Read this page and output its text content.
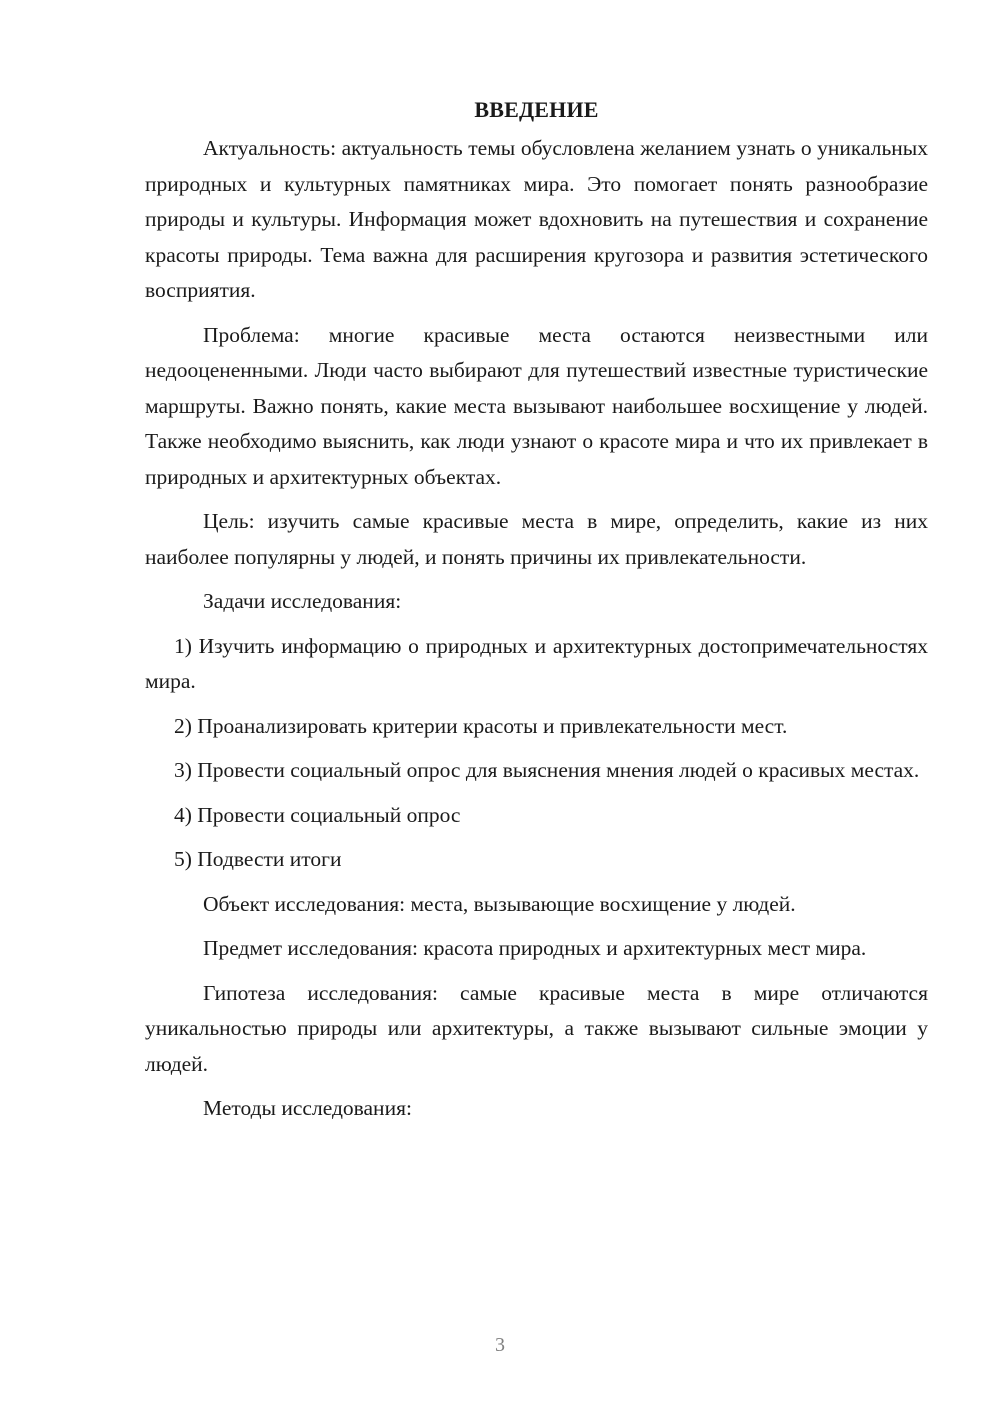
ВВЕДЕНИЕ

Актуальность: актуальность темы обусловлена желанием узнать о уникальных природных и культурных памятниках мира. Это помогает понять разнообразие природы и культуры. Информация может вдохновить на путешествия и сохранение красоты природы. Тема важна для расширения кругозора и развития эстетического восприятия.

Проблема: многие красивые места остаются неизвестными или недооцененными. Люди часто выбирают для путешествий известные туристические маршруты. Важно понять, какие места вызывают наибольшее восхищение у людей. Также необходимо выяснить, как люди узнают о красоте мира и что их привлекает в природных и архитектурных объектах.

Цель: изучить самые красивые места в мире, определить, какие из них наиболее популярны у людей, и понять причины их привлекательности.

Задачи исследования:

1) Изучить информацию о природных и архитектурных достопримечательностях мира.

2) Проанализировать критерии красоты и привлекательности мест.

3) Провести социальный опрос для выяснения мнения людей о красивых местах.

4) Провести социальный опрос

5) Подвести итоги

Объект исследования: места, вызывающие восхищение у людей.

Предмет исследования: красота природных и архитектурных мест мира.

Гипотеза исследования: самые красивые места в мире отличаются уникальностью природы или архитектуры, а также вызывают сильные эмоции у людей.

Методы исследования:

3
